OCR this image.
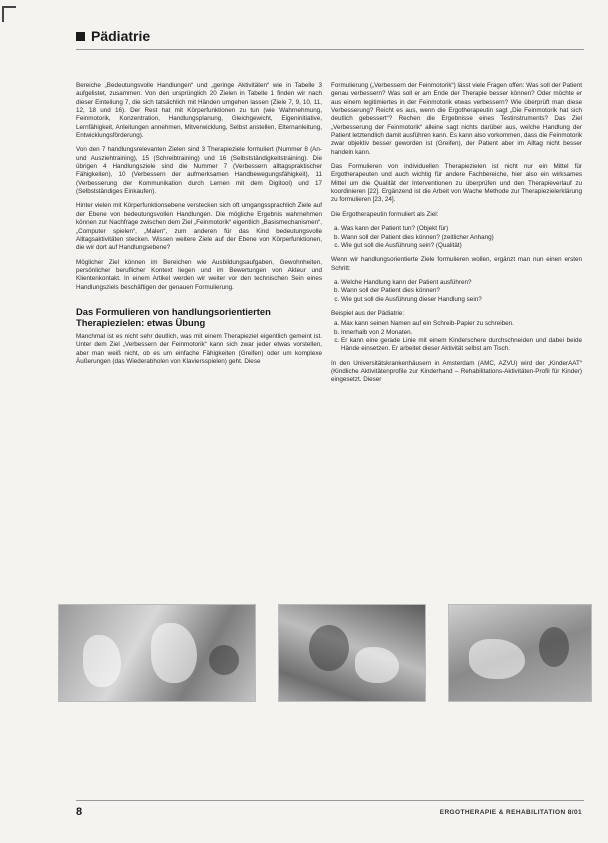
Pädiatrie

Bereiche „Bedeutungsvolle Handlungen“ und „geringe Aktivitäten“ wie in Tabelle 3 aufgelistet, zusammen. Von den ursprünglich 20 Zielen in Tabelle 1 finden wir nach dieser Einteilung 7, die sich tatsächlich mit Händen umgehen lassen (Ziele 7, 9, 10, 11, 12, 18 und 16). Der Rest hat mit Körperfunktionen zu tun (wie Wahrnehmung, Feinmotorik, Konzentration, Handlungsplanung, Gleichgewicht, Eigeninitiative, Lernfähigkeit, Anleitungen annehmen, Mitverwicklung, Selbst anstellen, Elternanleitung, Entwicklungsförderung).

Von den 7 handlungsrelevanten Zielen sind 3 Therapieziele formuliert (Nummer 8 (An- und Ausziehtraining), 15 (Schreibtraining) und 16 (Selbstständigkeitstraining). Die übrigen 4 Handlungsziele sind die Nummer 7 (Verbessern alltagspraktischer Fähigkeiten), 10 (Verbessern der aufmerksamen Handbewegungsfähigkeit), 11 (Verbesserung der Kommunikation durch Lernen mit dem Digitool) und 17 (Selbstständiges Einkaufen).

Hinter vielen mit Körperfunktionsebene verstecken sich oft umgangssprachlich Ziele auf der Ebene von bedeutungsvollen Handlungen. Die mögliche Ergebnis wahrnehmen können zur Nachfrage zwischen dem Ziel „Feinmotorik“ eigentlich „Basismechanismen“, „Computer spielen“, „Malen“, zum anderen für das Kind bedeutungsvolle Alltagsaktivitäten stecken. Wissen weitere Ziele auf der Ebene von Körperfunktionen, die wir dort auf Handlungsebene?

Möglicher Ziel können im Bereichen wie Ausbildungsaufgaben, Gewohnheiten, persönlicher beruflicher Kontext liegen und im Bewertungen von Akteur und Klientenkontakt. In einem Artikel werden wir weiter vor den technischen Sein eines Handlungsziels beschäftigen der genauen Formulierung.

Das Formulieren von handlungsorientierten Therapiezielen: etwas Übung

Manchmal ist es nicht sehr deutlich, was mit einem Therapieziel eigentlich gemeint ist. Unter dem Ziel „Verbessern der Feinmotorik“ kann sich zwar jeder etwas vorstellen, aber man weiß nicht, ob es um einfache Fähigkeiten (Greifen) oder um komplexe Äußerungen (das Wiederabholen von Klaviersspielen) geht. Diese

Formulierung („Verbessern der Feinmotorik“) lässt viele Fragen offen: Was soll der Patient genau verbessern? Was soll er am Ende der Therapie besser können? Oder möchte er aus einem legitimiertes in der Feinmotorik etwas verbessern? Wie überprüft man diese Verbesserung? Reicht es aus, wenn die Ergotherapeutin sagt „Die Feinmotorik hat sich deutlich gebessert“? Rechen die Ergebnisse eines Testinstruments? Das Ziel „Verbesserung der Feinmotorik“ alleine sagt nichts darüber aus, welche Handlung der Patient letztendlich damit ausführen kann. Es kann also vorkommen, dass die Feinmotorik zwar objektiv besser geworden ist (Greifen), der Patient aber im Alltag nicht besser handeln kann.

Das Formulieren von individuellen Therapiezielen ist nicht nur ein Mittel für Ergotherapeuten und auch wichtig für andere Fachbereiche, hier also ein wirksames Mittel um die Qualität der Interventionen zu überprüfen und den Therapieverlauf zu koordinieren [22]. Ergänzend ist die Arbeit von Wache Methode zur Therapiezielerklärung zu formulieren [23, 24].

Die Ergotherapeutin formuliert als Ziel:

a. Was kann der Patient tun? (Objekt für)
b. Wann soll der Patient dies können? (zeitlicher Anhang)
c. Wie gut soll die Ausführung sein? (Qualität)

Wenn wir handlungsorientierte Ziele formulieren wollen, ergänzt man nun einen ersten Schritt:

a. Welche Handlung kann der Patient ausführen?
b. Wann soll der Patient dies können?
c. Wie gut soll die Ausführung dieser Handlung sein?

Beispiel aus der Pädiatrie:

a. Max kann seinen Namen auf ein Schreib-Papier zu schreiben.
b. Innerhalb von 2 Monaten.
c. Er kann eine gerade Linie mit einem Kinderschere durchschneiden und dabei beide Hände einsetzen. Er arbeitet dieser Aktivität selbst am Tisch.

In den Universitätskrankenhäusern in Amsterdam (AMC, AZVU) wird der „KinderAAT“ (Kindliche Aktivitätenprofile zur Kinderhand – Rehabilitations-Aktivitäten-Profil für Kinder) eingesetzt. Dieser

8	ERGOTHERAPIE & REHABILITATION 8/01
